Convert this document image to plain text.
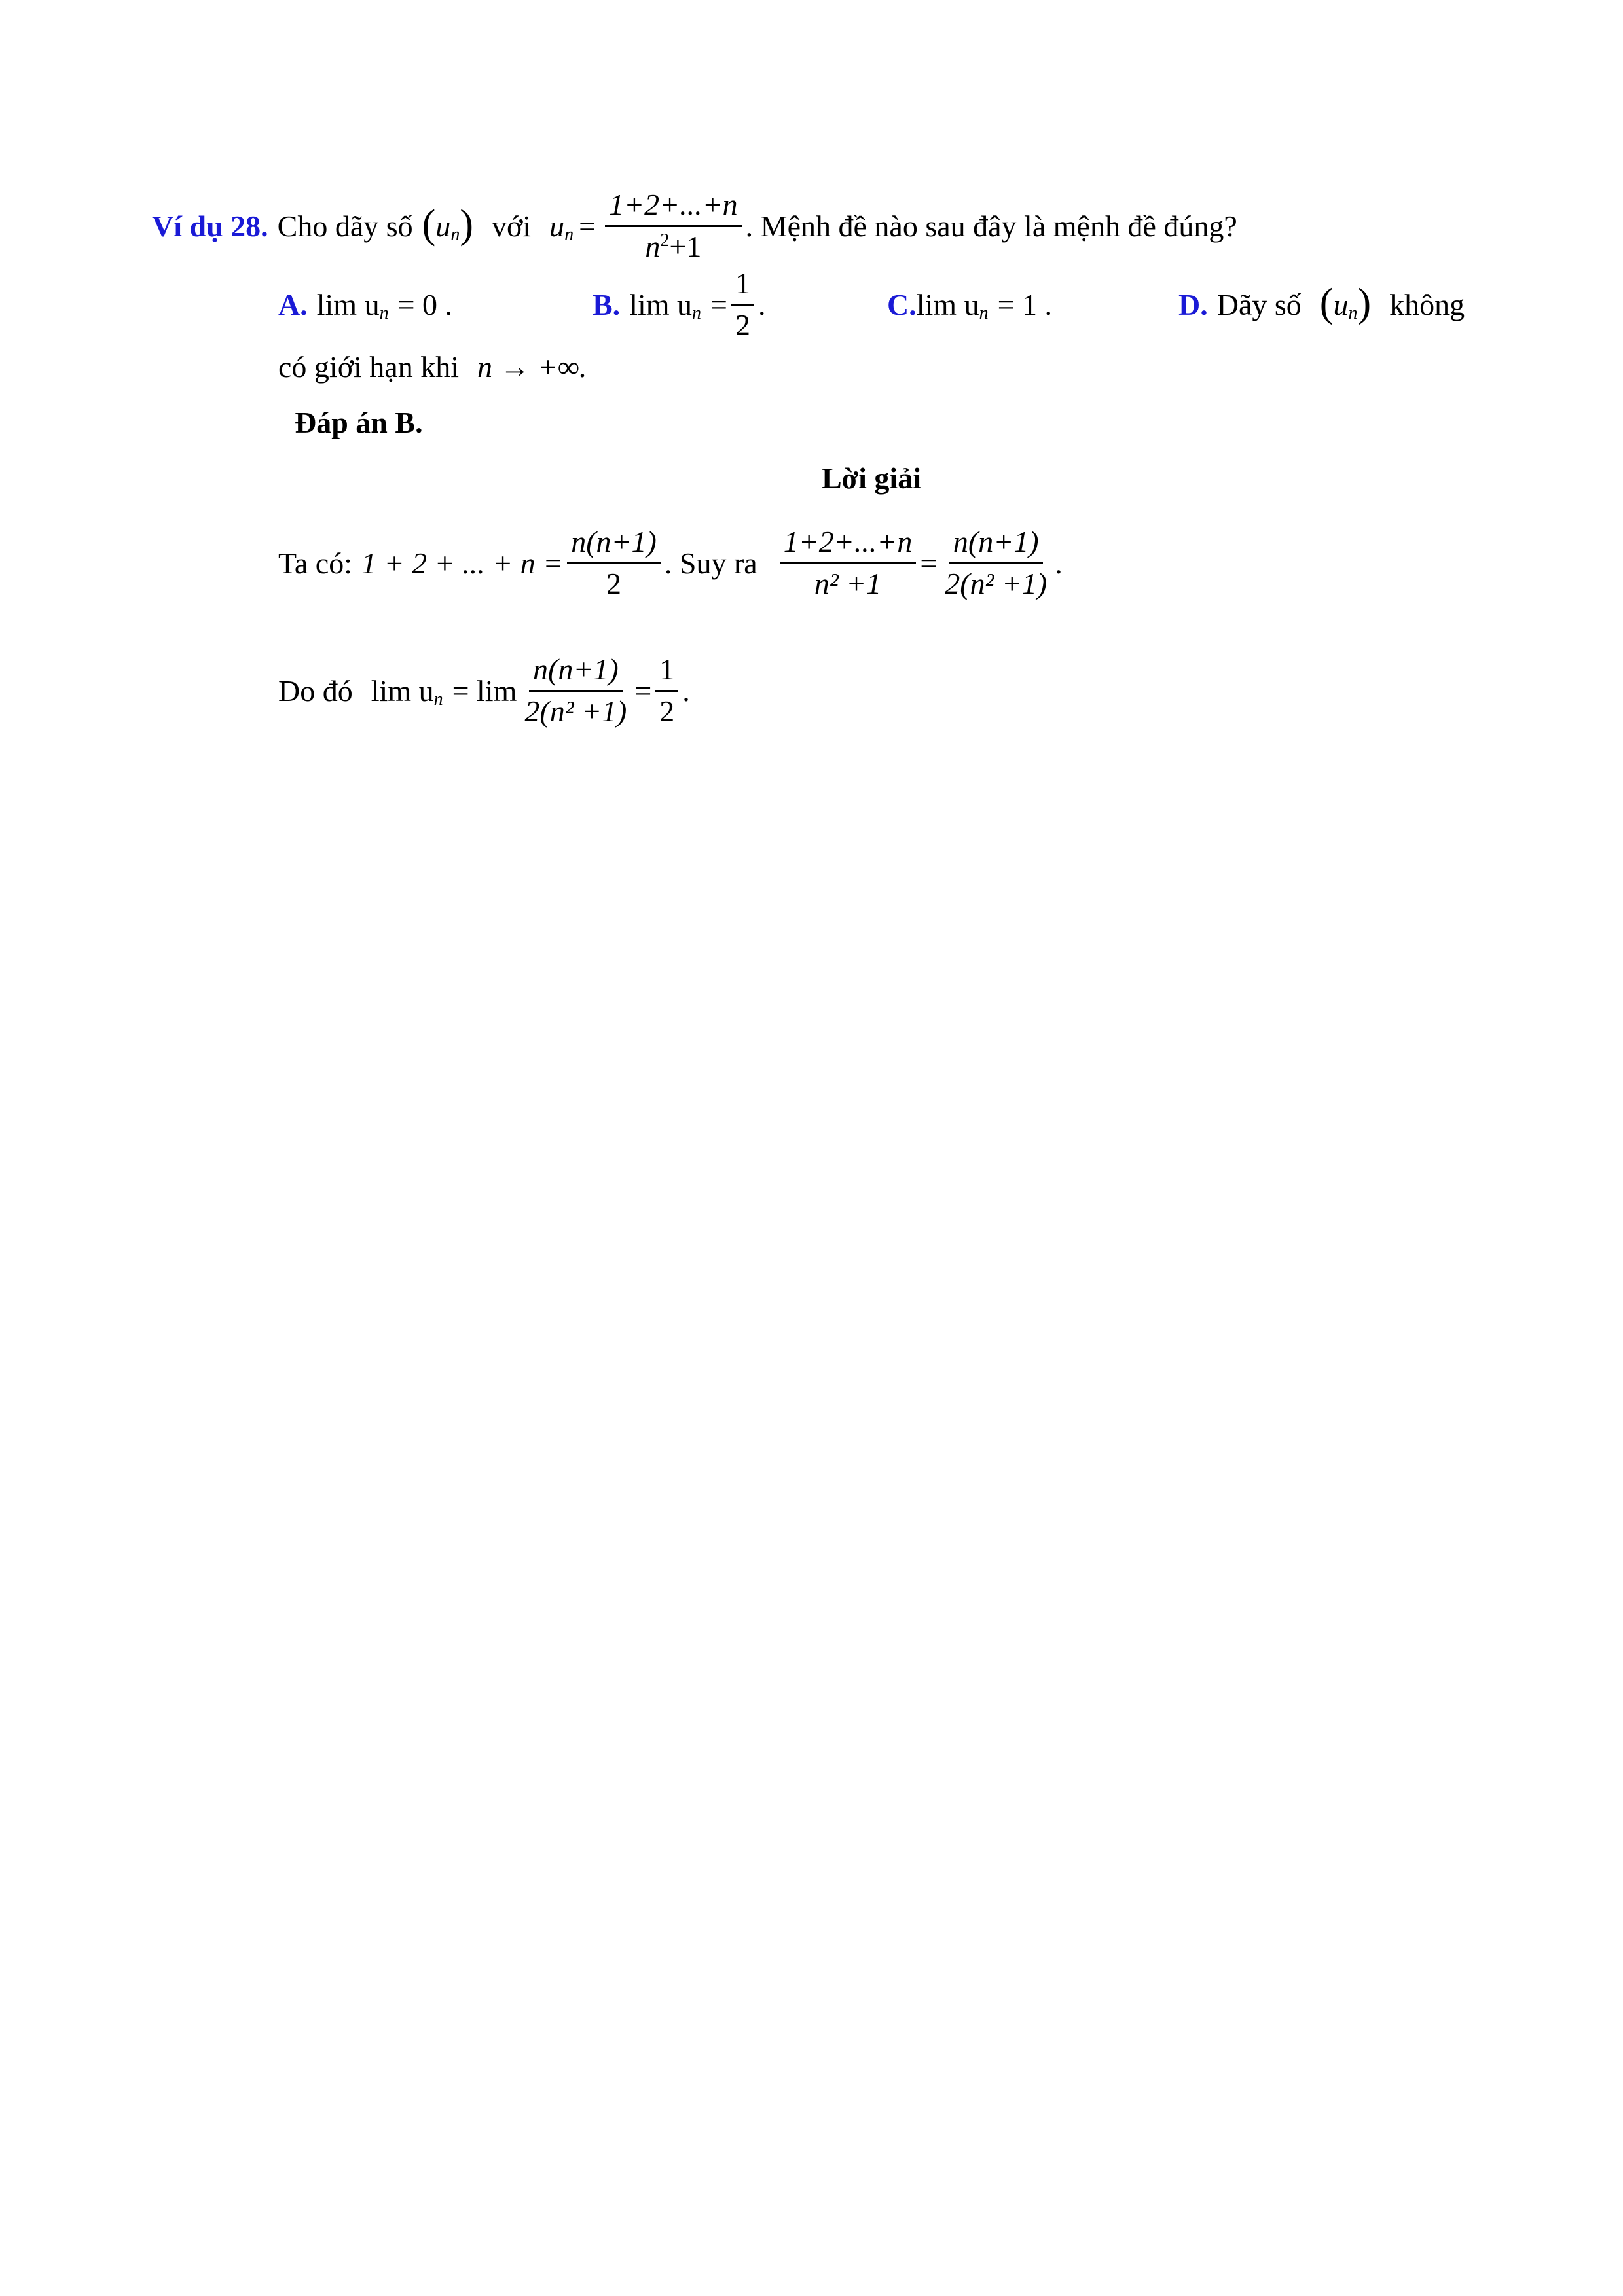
Ví dụ 28. Cho dãy số ( u n ) với u $n = \frac{1+2+...+n}{n^2+1}$ . Mệnh đề nào sau đây là mệnh đề đúng?
A. lim u n = 0 .	B. lim u $n = \frac{1}{2}$ .	C. lim u n = 1 .	D. Dãy số ( u n ) không
có giới hạn khi n → +∞.
Đáp án B.
Lời giải
Ta có: 1 + 2 + ... + $n = \frac{n(n+1)}{2}$ . Suy ra $\frac{1+2+...+n}{\text{n² +1}} = \frac{n(n+1)}{\text{2(n² +1)}}$ .
Do đó lim u $n = \lim \frac{n(n+1)}{\text{2(n² +1)}} = \frac{1}{2}$ .
